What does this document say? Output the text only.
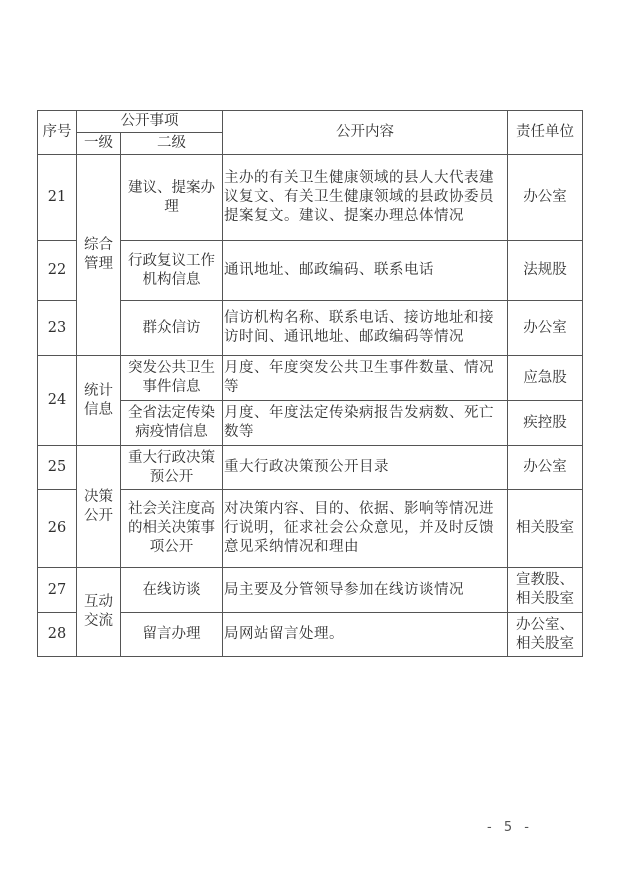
序号	公开事项		公开内容	责任单位
	一级	二级		
21	综合管理	建议、提案办理	主办的有关卫生健康领域的县人大代表建议复文、有关卫生健康领域的县政协委员提案复文。建议、提案办理总体情况	办公室
22		行政复议工作机构信息	通讯地址、邮政编码、联系电话	法规股
23		群众信访	信访机构名称、联系电话、接访地址和接访时间、通讯地址、邮政编码等情况	办公室
24	统计信息	突发公共卫生事件信息	月度、年度突发公共卫生事件数量、情况等	应急股
		全省法定传染病疫情信息	月度、年度法定传染病报告发病数、死亡数等	疾控股
25	决策公开	重大行政决策预公开	重大行政决策预公开目录	办公室
26		社会关注度高的相关决策事项公开	对决策内容、目的、依据、影响等情况进行说明，征求社会公众意见，并及时反馈意见采纳情况和理由	相关股室
27	互动交流	在线访谈	局主要及分管领导参加在线访谈情况	宣教股、相关股室
28		留言办理	局网站留言处理。	办公室、相关股室
- 5 -
